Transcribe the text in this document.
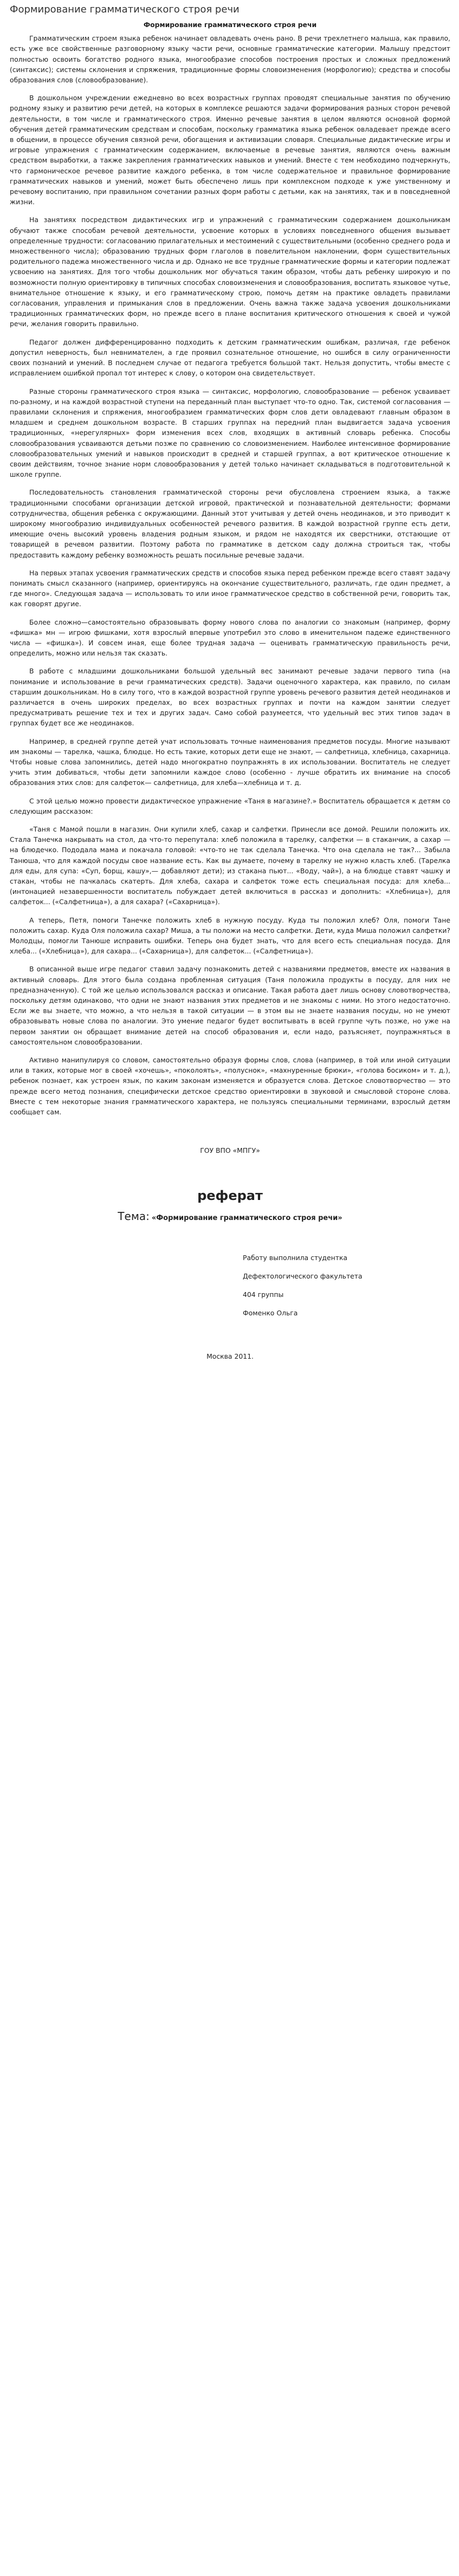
Формирование грамматического строя речи
Формирование грамматического строя речи

Грамматическим строем языка ребенок начинает овладевать очень рано. В речи трехлетнего малыша, как правило, есть уже все свойственные разговорному языку части речи, основные грамматические категории. Малышу предстоит полностью освоить богатство родного языка, многообразие способов построения простых и сложных предложений (синтаксис); системы склонения и спряжения, традиционные формы словоизменения (морфологию); средства и способы образования слов (словообразование).

В дошкольном учреждении ежедневно во всех возрастных группах проводят специальные занятия по обучению родному языку и развитию речи детей, на которых в комплексе решаются задачи формирования разных сторон речевой деятельности, в том числе и грамматического строя. Именно речевые занятия в целом являются основной формой обучения детей грамматическим средствам и способам, поскольку грамматика языка ребенок овладевает прежде всего в общении, в процессе обучения связной речи, обогащения и активизации словаря. Специальные дидактические игры и игровые упражнения с грамматическим содержанием, включаемые в речевые занятия, являются очень важным средством выработки, а также закрепления грамматических навыков и умений. Вместе с тем необходимо подчеркнуть, что гармоническое речевое развитие каждого ребенка, в том числе содержательное и правильное формирование грамматических навыков и умений, может быть обеспечено лишь при комплексном подходе к уже умственному и речевому воспитанию, при правильном сочетании разных форм работы с детьми, как на занятиях, так и в повседневной жизни.

На занятиях посредством дидактических игр и упражнений с грамматическим содержанием дошкольникам обучают также способам речевой деятельности, усвоение которых в условиях повседневного общения вызывает определенные трудности: согласованию прилагательных и местоимений с существительными (особенно среднего рода и множественного числа); образованию трудных форм глаголов в повелительном наклонении, форм существительных родительного падежа множественного числа и др. Однако не все трудные грамматические формы и категории подлежат усвоению на занятиях. Для того чтобы дошкольник мог обучаться таким образом, чтобы дать ребенку широкую и по возможности полную ориентировку в типичных способах словоизменения и словообразования, воспитать языковое чутье, внимательное отношение к языку, и его грамматическому строю, помочь детям на практике овладеть правилами согласования, управления и примыкания слов в предложении. Очень важна также задача усвоения дошкольниками традиционных грамматических форм, но прежде всего в плане воспитания критического отношения к своей и чужой речи, желания говорить правильно.

Педагог должен дифференцированно подходить к детским грамматическим ошибкам, различая, где ребенок допустил неверность, был невнимателен, а где проявил сознательное отношение, но ошибся в силу ограниченности своих познаний и умений. В последнем случае от педагога требуется большой такт. Нельзя допустить, чтобы вместе с исправлением ошибкой пропал тот интерес к слову, о котором она свидетельствует.

Разные стороны грамматического строя языка — синтаксис, морфологию, словообразование — ребенок усваивает по-разному, и на каждой возрастной ступени на переданный план выступает что-то одно. Так, системой согласования — правилами склонения и спряжения, многообразием грамматических форм слов дети овладевают главным образом в младшем и среднем дошкольном возрасте. В старших группах на передний план выдвигается задача усвоения традиционных, «нерегулярных» форм изменения всех слов, входящих в активный словарь ребенка. Способы словообразования усваиваются детьми позже по сравнению со словоизменением. Наиболее интенсивное формирование словообразовательных умений и навыков происходит в средней и старшей группах, а вот критическое отношение к своим действиям, точное знание норм словообразования у детей только начинает складываться в подготовительной к школе группе.

Последовательность становления грамматической стороны речи обусловлена строением языка, а также традиционными способами организации детской игровой, практической и познавательной деятельности; формами сотрудничества, общения ребенка с окружающими. Данный этот учитывая у детей очень неодинаков, и это приводит к широкому многообразию индивидуальных особенностей речевого развития. В каждой возрастной группе есть дети, имеющие очень высокий уровень владения родным языком, и рядом не находятся их сверстники, отстающие от товарищей в речевом развитии. Поэтому работа по грамматике в детском саду должна строиться так, чтобы предоставить каждому ребенку возможность решать посильные речевые задачи.

На первых этапах усвоения грамматических средств и способов языка перед ребенком прежде всего ставят задачу понимать смысл сказанного (например, ориентируясь на окончание существительного, различать, где один предмет, а где много». Следующая задача — использовать то или иное грамматическое средство в собственной речи, говорить так, как говорят другие.

Более сложно—самостоятельно образовывать форму нового слова по аналогии со знакомым (например, форму «фишка» мн — игрою фишками, хотя взрослый впервые употребил это слово в именительном падеже единственного числа — «фишка»). И совсем иная, еще более трудная задача — оценивать грамматическую правильность речи, определить, можно или нельзя так сказать.

В работе с младшими дошкольниками большой удельный вес занимают речевые задачи первого типа (на понимание и использование в речи грамматических средств). Задачи оценочного характера, как правило, по силам старшим дошкольникам. Но в силу того, что в каждой возрастной группе уровень речевого развития детей неодинаков и различается в очень широких пределах, во всех возрастных группах и почти на каждом занятии следует предусматривать решение тех и тех и других задач. Само собой разумеется, что удельный вес этих типов задач в группах будет все же неодинаков.

Например, в средней группе детей учат использовать точные наименования предметов посуды. Многие называют им знакомы — тарелка, чашка, блюдце. Но есть такие, которых дети еще не знают, — салфетница, хлебница, сахарница. Чтобы новые слова запомнились, детей надо многократно поупражнять в их использовании. Воспитатель не следует учить этим добиваться, чтобы дети запомнили каждое слово (особенно - лучше обратить их внимание на способ образования этих слов: для салфеток— салфетница, для хлеба—хлебница и т. д.

С этой целью можно провести дидактическое упражнение «Таня в магазине?.» Воспитатель обращается к детям со следующим рассказом:

«Таня с Мамой пошли в магазин. Они купили хлеб, сахар и салфетки. Принесли все домой. Решили положить их. Стала Танечка накрывать на стол, да что-то перепутала: хлеб положила в тарелку, салфетки — в стаканчик, а сахар — на блюдечко. Пододала мама и покачала головой: «что-то не так сделала Танечка. Что она сделала не так?... Забыла Танюша, что для каждой посуды свое название есть. Как вы думаете, почему в тарелку не нужно класть хлеб. (Тарелка для еды, для супа: «Суп, борщ, кашу»,— добавляют дети); из стакана пьют... «Воду, чай»), а на блюдце ставят чашку и стакан, чтобы не пачкалась скатерть. Для хлеба, сахара и салфеток тоже есть специальная посуда: для хлеба... (интонацией незавершенности воспитатель побуждает детей включиться в рассказ и дополнить: «Хлебница»), для салфеток... («Салфетница»), а для сахара? («Сахарница»).

А теперь, Петя, помоги Танечке положить хлеб в нужную посуду. Куда ты положил хлеб? Оля, помоги Тане положить сахар. Куда Оля положила сахар? Миша, а ты положи на место салфетки. Дети, куда Миша положил салфетки? Молодцы, помогли Танюше исправить ошибки. Теперь она будет знать, что для всего есть специальная посуда. Для хлеба... («Хлебница»), для сахара... («Сахарница»), для салфеток... («Салфетница»).

В описанной выше игре педагог ставил задачу познакомить детей с названиями предметов, вместе их названия в активный словарь. Для этого была создана проблемная ситуация (Таня положила продукты в посуду, для них не предназначенную). С той же целью использовался рассказ и описание. Такая работа дает лишь основу словотворчества, поскольку детям одинаково, что одни не знают названия этих предметов и не знакомы с ними. Но этого недостаточно. Если же вы знаете, что можно, а что нельзя в такой ситуации — в этом вы не знаете названия посуды, но не умеют образовывать новые слова по аналогии. Это умение педагог будет воспитывать в всей группе чуть позже, но уже на первом занятии он обращает внимание детей на способ образования и, если надо, разъясняет, поупражняться в самостоятельном словообразовании.

Активно манипулируя со словом, самостоятельно образуя формы слов, слова (например, в той или иной ситуации или в таких, которые мог в своей «хочешь», «поколоять», «полуснок», «махнуренные брюки», «голова босиком» и т. д.), ребенок познает, как устроен язык, по каким законам изменяется и образуется слова. Детское словотворчество — это прежде всего метод познания, специфически детское средство ориентировки в звуковой и смысловой стороне слова. Вместе с тем некоторые знания грамматического характера, не пользуясь специальными терминами, взрослый детям сообщает сам.

ГОУ ВПО «МПГУ»
реферат
Тема: «Формирование грамматического строя речи»
Работу выполнила студентка
Дефектологического факультета
404 группы
Фоменко Ольга
Москва 2011.
